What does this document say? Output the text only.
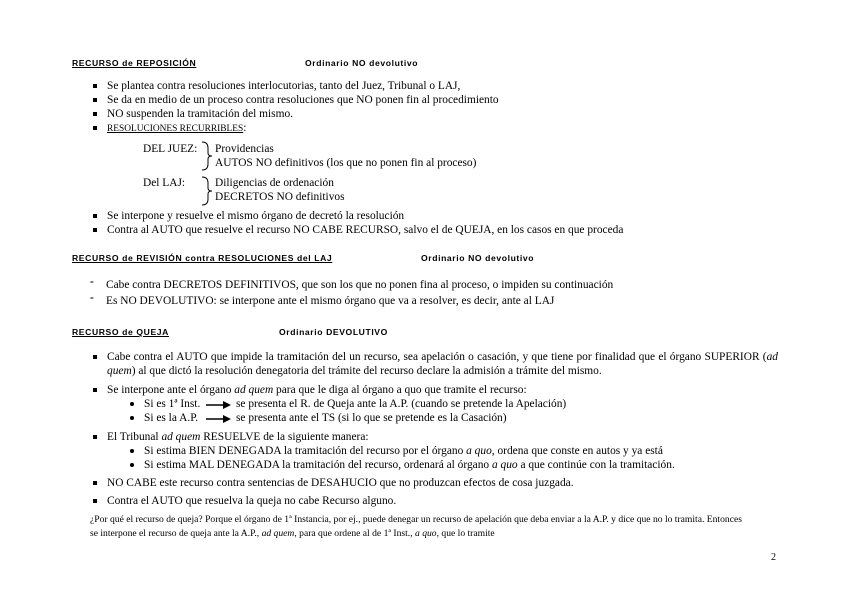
RECURSO de REPOSICIÓN	Ordinario NO devolutivo
Se plantea contra resoluciones interlocutorias, tanto del Juez, Tribunal o LAJ,
Se da en medio de un proceso contra resoluciones que NO ponen fin al procedimiento
NO suspenden la tramitación del mismo.
RESOLUCIONES RECURRIBLES:
DEL JUEZ: Providencias
AUTOS NO definitivos (los que no ponen fin al proceso)
Del LAJ:	Diligencias de ordenación
DECRETOS NO definitivos
Se interpone y resuelve el mismo órgano de decretó la resolución
Contra al AUTO que resuelve el recurso NO CABE RECURSO, salvo el de QUEJA, en los casos en que proceda
RECURSO de REVISIÓN contra RESOLUCIONES del LAJ	Ordinario NO devolutivo
- Cabe contra DECRETOS DEFINITIVOS, que son los que no ponen fina al proceso, o impiden su continuación
- Es NO DEVOLUTIVO: se interpone ante el mismo órgano que va a resolver, es decir, ante al LAJ
RECURSO de QUEJA	Ordinario DEVOLUTIVO
Cabe contra el AUTO que impide la tramitación del un recurso, sea apelación o casación, y que tiene por finalidad que el órgano SUPERIOR (ad quem) al que dictó la resolución denegatoria del trámite del recurso declare la admisión a trámite del mismo.
Se interpone ante el órgano ad quem para que le diga al órgano a quo que tramite el recurso:
Si es 1ª Inst.	se presenta el R. de Queja ante la A.P. (cuando se pretende la Apelación)
Si es la A.P.	se presenta ante el TS (si lo que se pretende es la Casación)
El Tribunal ad quem RESUELVE de la siguiente manera:
Si estima BIEN DENEGADA la tramitación del recurso por el órgano a quo, ordena que conste en autos y ya está
Si estima MAL DENEGADA la tramitación del recurso, ordenará al órgano a quo a que continúe con la tramitación.
NO CABE este recurso contra sentencias de DESAHUCIO que no produzcan efectos de cosa juzgada.
Contra el AUTO que resuelva la queja no cabe Recurso alguno.
¿Por qué el recurso de queja? Porque el órgano de 1ª Instancia, por ej., puede denegar un recurso de apelación que deba enviar a la A.P. y dice que no lo tramita. Entonces
se interpone el recurso de queja ante la A.P., ad quem, para que ordene al de 1ª Inst., a quo, que lo tramite
2
